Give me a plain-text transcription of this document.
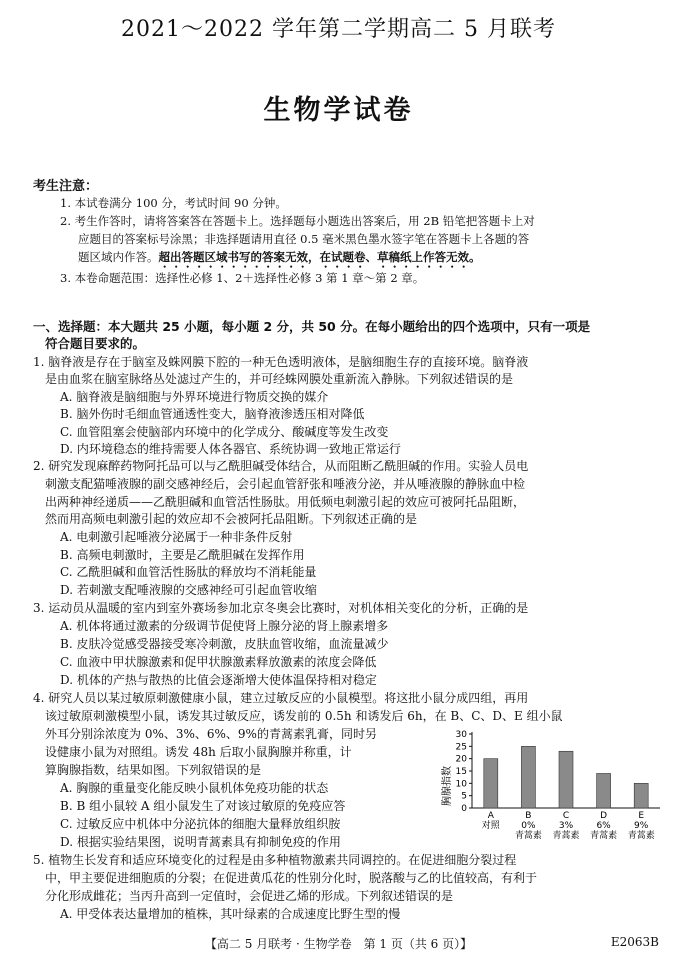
2021～2022 学年第二学期高二 5 月联考
生物学试卷
考生注意：
1. 本试卷满分 100 分，考试时间 90 分钟。
2. 考生作答时，请将答案答在答题卡上。选择题每小题选出答案后，用 2B 铅笔把答题卡上对
应题目的答案标号涂黑；非选择题请用直径 0.5 毫米黑色墨水签字笔在答题卡上各题的答
题区域内作答。超出答题区域书写的答案无效，在试题卷、草稿纸上作答无效。
3. 本卷命题范围：选择性必修 1、2＋选择性必修 3 第 1 章～第 2 章。
一、选择题：本大题共 25 小题，每小题 2 分，共 50 分。在每小题给出的四个选项中，只有一项是
符合题目要求的。
1. 脑脊液是存在于脑室及蛛网膜下腔的一种无色透明液体，是脑细胞生存的直接环境。脑脊液
是由血浆在脑室脉络丛处滤过产生的，并可经蛛网膜处重新流入静脉。下列叙述错误的是
A. 脑脊液是脑细胞与外界环境进行物质交换的媒介
B. 脑外伤时毛细血管通透性变大，脑脊液渗透压相对降低
C. 血管阻塞会使脑部内环境中的化学成分、酸碱度等发生改变
D. 内环境稳态的维持需要人体各器官、系统协调一致地正常运行
2. 研究发现麻醉药物阿托品可以与乙酰胆碱受体结合，从而阻断乙酰胆碱的作用。实验人员电
刺激支配猫唾液腺的副交感神经后，会引起血管舒张和唾液分泌，并从唾液腺的静脉血中检
出两种神经递质——乙酰胆碱和血管活性肠肽。用低频电刺激引起的效应可被阿托品阻断，
然而用高频电刺激引起的效应却不会被阿托品阻断。下列叙述正确的是
A. 电刺激引起唾液分泌属于一种非条件反射
B. 高频电刺激时，主要是乙酰胆碱在发挥作用
C. 乙酰胆碱和血管活性肠肽的释放均不消耗能量
D. 若刺激支配唾液腺的交感神经可引起血管收缩
3. 运动员从温暖的室内到室外赛场参加北京冬奥会比赛时，对机体相关变化的分析，正确的是
A. 机体将通过激素的分级调节促使肾上腺分泌的肾上腺素增多
B. 皮肤冷觉感受器接受寒冷刺激，皮肤血管收缩，血流量减少
C. 血液中甲状腺激素和促甲状腺激素释放激素的浓度会降低
D. 机体的产热与散热的比值会逐渐增大使体温保持相对稳定
4. 研究人员以某过敏原刺激健康小鼠，建立过敏反应的小鼠模型。将这批小鼠分成四组，再用
该过敏原刺激模型小鼠，诱发其过敏反应，诱发前的 0.5h 和诱发后 6h，在 B、C、D、E 组小鼠
外耳分别涂浓度为 0%、3%、6%、9%的青蒿素乳膏，同时另
设健康小鼠为对照组。诱发 48h 后取小鼠胸腺并称重，计
算胸腺指数，结果如图。下列叙错误的是
A. 胸腺的重量变化能反映小鼠机体免疫功能的状态
B. B 组小鼠较 A 组小鼠发生了对该过敏原的免疫应答
C. 过敏反应中机体中分泌抗体的细胞大量释放组织胺
D. 根据实验结果图，说明青蒿素具有抑制免疫的作用
胸腺指数
0
5
10
15
20
25
30
A
对照
B
0%
青蒿素
C
3%
青蒿素
D
6%
青蒿素
E
9%
青蒿素
5. 植物生长发育和适应环境变化的过程是由多种植物激素共同调控的。在促进细胞分裂过程
中，甲主要促进细胞质的分裂；在促进黄瓜花的性别分化时，脱落酸与乙的比值较高，有利于
分化形成雌花；当丙升高到一定值时，会促进乙烯的形成。下列叙述错误的是
A. 甲受体表达量增加的植株，其叶绿素的合成速度比野生型的慢
【高二 5 月联考 · 生物学卷　第 1 页（共 6 页）】	E2063B
